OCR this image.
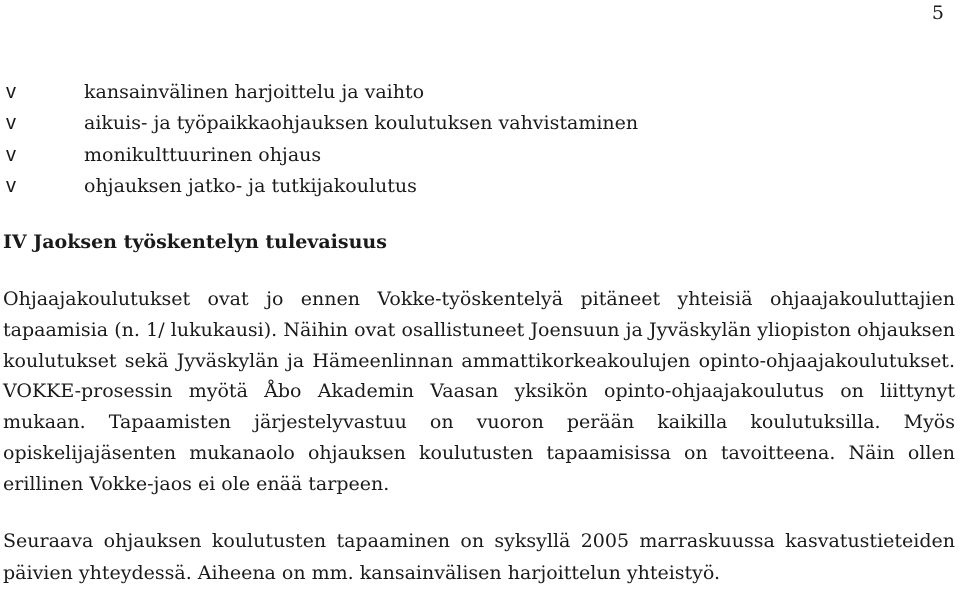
5
v	kansainvälinen harjoittelu ja vaihto
v	aikuis- ja työpaikkaohjauksen koulutuksen vahvistaminen
v	monikulttuurinen ohjaus
v	ohjauksen jatko- ja tutkijakoulutus
IV Jaoksen työskentelyn tulevaisuus

Ohjaajakoulutukset ovat jo ennen Vokke-työskentelyä pitäneet yhteisiä ohjaajakouluttajien tapaamisia (n. 1/ lukukausi). Näihin ovat osallistuneet Joensuun ja Jyväskylän yliopiston ohjauksen koulutukset sekä Jyväskylän ja Hämeenlinnan ammattikorkeakoulujen opinto-ohjaajakoulutukset. VOKKE-prosessin myötä Åbo Akademin Vaasan yksikön opinto-ohjaajakoulutus on liittynyt mukaan. Tapaamisten järjestelyvastuu on vuoron perään kaikilla koulutuksilla. Myös opiskelijajäsenten mukanaolo ohjauksen koulutusten tapaamisissa on tavoitteena. Näin ollen erillinen Vokke-jaos ei ole enää tarpeen.

Seuraava ohjauksen koulutusten tapaaminen on syksyllä 2005 marraskuussa kasvatustieteiden päivien yhteydessä. Aiheena on mm. kansainvälisen harjoittelun yhteistyö.
